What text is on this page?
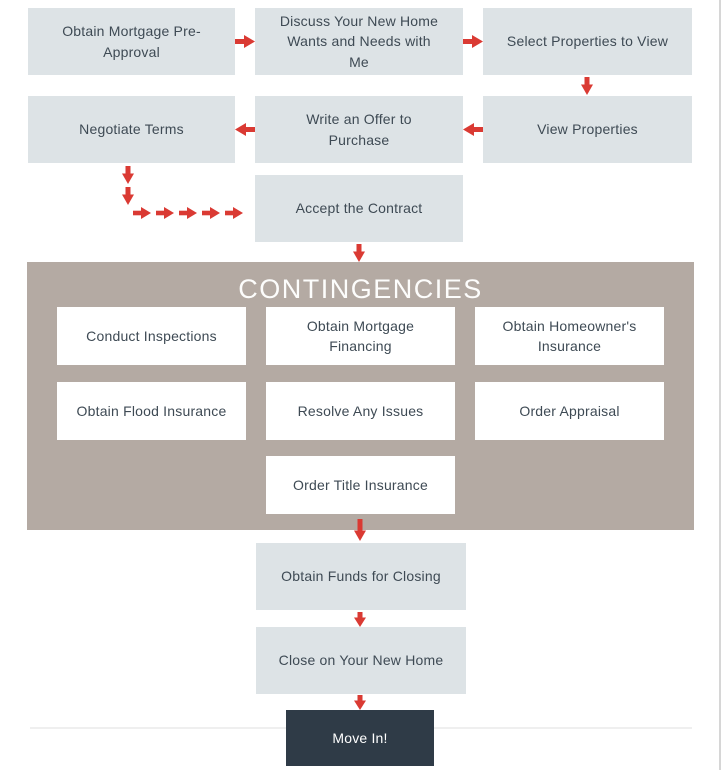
Obtain Mortgage Pre-Approval
Discuss Your New Home Wants and Needs with Me
Select Properties to View
Negotiate Terms
Write an Offer to Purchase
View Properties
Accept the Contract
CONTINGENCIES
Conduct Inspections
Obtain Mortgage Financing
Obtain Homeowner's Insurance
Obtain Flood Insurance	Resolve Any Issues	Order Appraisal
Order Title Insurance
Obtain Funds for Closing
Close on Your New Home
Move In!
